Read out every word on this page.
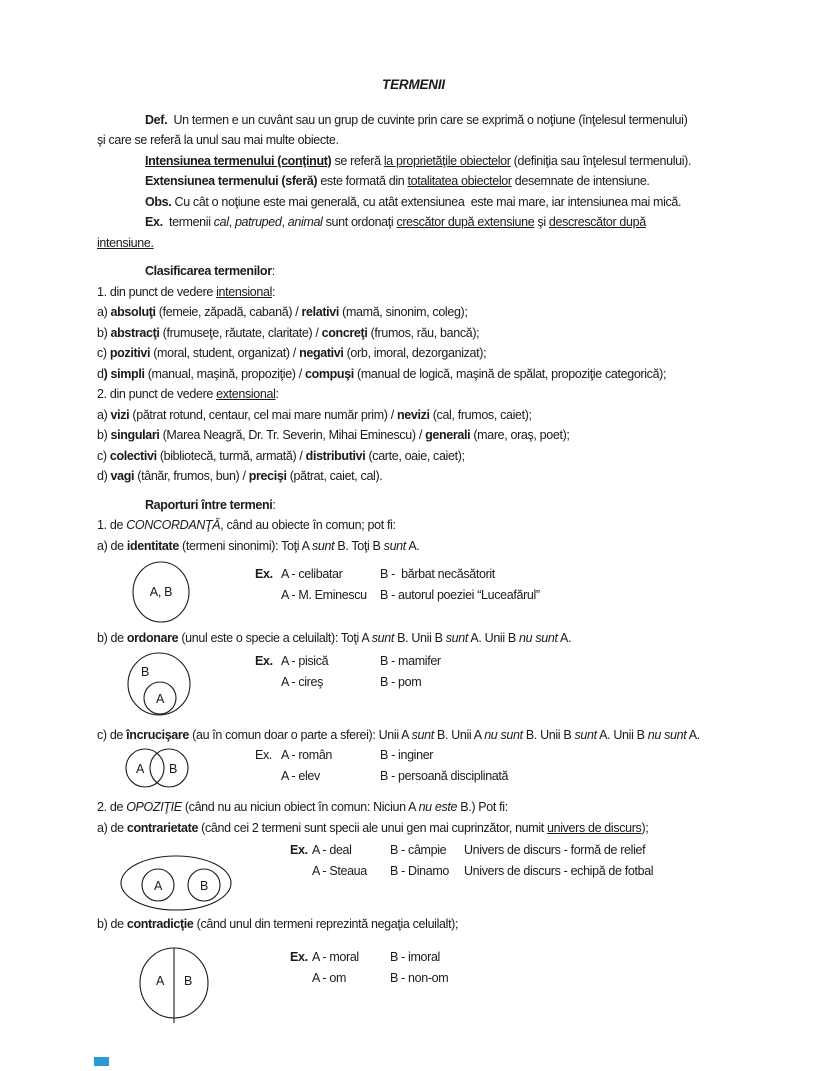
TERMENII
Def.  Un termen e un cuvânt sau un grup de cuvinte prin care se exprimă o noţiune (înţelesul termenului)
şi care se referă la unul sau mai multe obiecte.
Intensiunea termenului (conţinut) se referă la proprietăţile obiectelor (definiţia sau înţelesul termenului).
Extensiunea termenului (sferă) este formată din totalitatea obiectelor desemnate de intensiune.
Obs. Cu cât o noţiune este mai generală, cu atât extensiunea  este mai mare, iar intensiunea mai mică.
Ex.  termenii cal, patruped, animal sunt ordonaţi crescător după extensiune şi descrescător după
intensiune.
Clasificarea termenilor:
1. din punct de vedere intensional:
a) absoluţi (femeie, zăpadă, cabană) / relativi (mamă, sinonim, coleg);
b) abstracţi (frumuseţe, răutate, claritate) / concreţi (frumos, rău, bancă);
c) pozitivi (moral, student, organizat) / negativi (orb, imoral, dezorganizat);
d) simpli (manual, maşină, propoziţie) / compuşi (manual de logică, maşină de spălat, propoziţie categorică);
2. din punct de vedere extensional:
a) vizi (pătrat rotund, centaur, cel mai mare număr prim) / nevizi (cal, frumos, caiet);
b) singulari (Marea Neagră, Dr. Tr. Severin, Mihai Eminescu) / generali (mare, oraş, poet);
c) colectivi (bibliotecă, turmă, armată) / distributivi (carte, oaie, caiet);
d) vagi (tânăr, frumos, bun) / precişi (pătrat, caiet, cal).
Raporturi între termeni:
1. de CONCORDANŢĂ, când au obiecte în comun; pot fi:
a) de identitate (termeni sinonimi): Toţi A sunt B. Toţi B sunt A.
A, B
Ex. A - celibatar	B -  bărbat necăsătorit
A - M. Eminescu B - autorul poeziei “Luceafărul”
b) de ordonare (unul este o specie a celuilalt): Toţi A sunt B. Unii B sunt A. Unii B nu sunt A.
B
A
Ex. A - pisică	B - mamifer
A - cireş	B - pom
c) de încrucişare (au în comun doar o parte a sferei): Unii A sunt B. Unii A nu sunt B. Unii B sunt A. Unii B nu sunt A.
A B
Ex. A - român	B - inginer
A - elev	B - persoană disciplinată
2. de OPOZIŢIE (când nu au niciun obiect în comun: Niciun A nu este B.) Pot fi:
a) de contrarietate (când cei 2 termeni sunt specii ale unui gen mai cuprinzător, numit univers de discurs);
A	B
Ex. A - deal	B - câmpie Univers de discurs - formă de relief
A - Steaua B - Dinamo Univers de discurs - echipă de fotbal
b) de contradicţie (când unul din termeni reprezintă negaţia celuilalt);
A B
Ex. A - moral B - imoral
A - om	B - non-om
